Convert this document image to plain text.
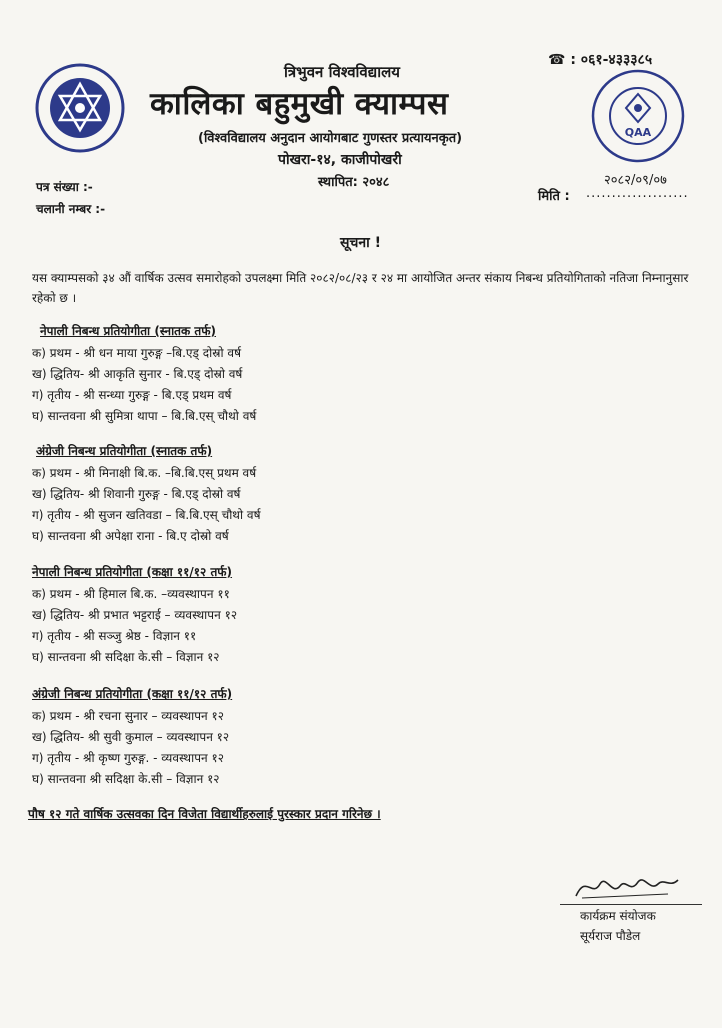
☎ : ०६१-४३३३८५
QAA
त्रिभुवन विश्वविद्यालय
कालिका बहुमुखी क्याम्पस
(विश्वविद्यालय अनुदान आयोगबाट गुणस्तर प्रत्यायनकृत)
पोखरा-१४, काजीपोखरी
स्थापित: २०४८
पत्र संख्या :-
चलानी नम्बर :-
२०८२/०९/०७
मिति : ....................
सूचना !
यस क्याम्पसको ३४ औं वार्षिक उत्सव समारोहको उपलक्ष्मा मिति २०८२/०८/२३ र २४ मा आयोजित अन्तर संकाय निबन्ध प्रतियोगिताको नतिजा निम्नानुसार रहेको छ ।
नेपाली निबन्ध प्रतियोगीता (स्नातक तर्फ)
क) प्रथम - श्री धन माया गुरुङ्ग –बि.एड् दोस्रो वर्ष
ख) द्धितिय- श्री आकृति सुनार - बि.एड् दोस्रो वर्ष
ग) तृतीय - श्री सन्ध्या गुरुङ्ग - बि.एड् प्रथम वर्ष
घ) सान्तवना श्री सुमित्रा थापा – बि.बि.एस् चौथो वर्ष
अंग्रेजी निबन्ध प्रतियोगीता (स्नातक तर्फ)
क) प्रथम - श्री मिनाक्षी बि.क. –बि.बि.एस् प्रथम वर्ष
ख) द्धितिय- श्री शिवानी गुरुङ्ग - बि.एड् दोस्रो वर्ष
ग) तृतीय - श्री सुजन खतिवडा – बि.बि.एस् चौथो वर्ष
घ) सान्तवना श्री अपेक्षा राना - बि.ए दोस्रो वर्ष
नेपाली निबन्ध प्रतियोगीता (कक्षा ११/१२ तर्फ)
क) प्रथम - श्री हिमाल बि.क. –व्यवस्थापन ११
ख) द्धितिय- श्री प्रभात भट्टराई – व्यवस्थापन १२
ग) तृतीय - श्री सञ्जु श्रेष्ठ - विज्ञान ११
घ) सान्तवना श्री सदिक्षा के.सी – विज्ञान १२
अंग्रेजी निबन्ध प्रतियोगीता (कक्षा ११/१२ तर्फ)
क) प्रथम - श्री रचना सुनार – व्यवस्थापन १२
ख) द्धितिय- श्री सुवी कुमाल – व्यवस्थापन १२
ग) तृतीय - श्री कृष्ण गुरुङ्ग. - व्यवस्थापन १२
घ) सान्तवना श्री सदिक्षा के.सी – विज्ञान १२
पौष १२ गते वार्षिक उत्सवका दिन विजेता विद्यार्थीहरुलाई पुरस्कार प्रदान गरिनेछ ।
कार्यक्रम संयोजक
सूर्यराज पौडेल
